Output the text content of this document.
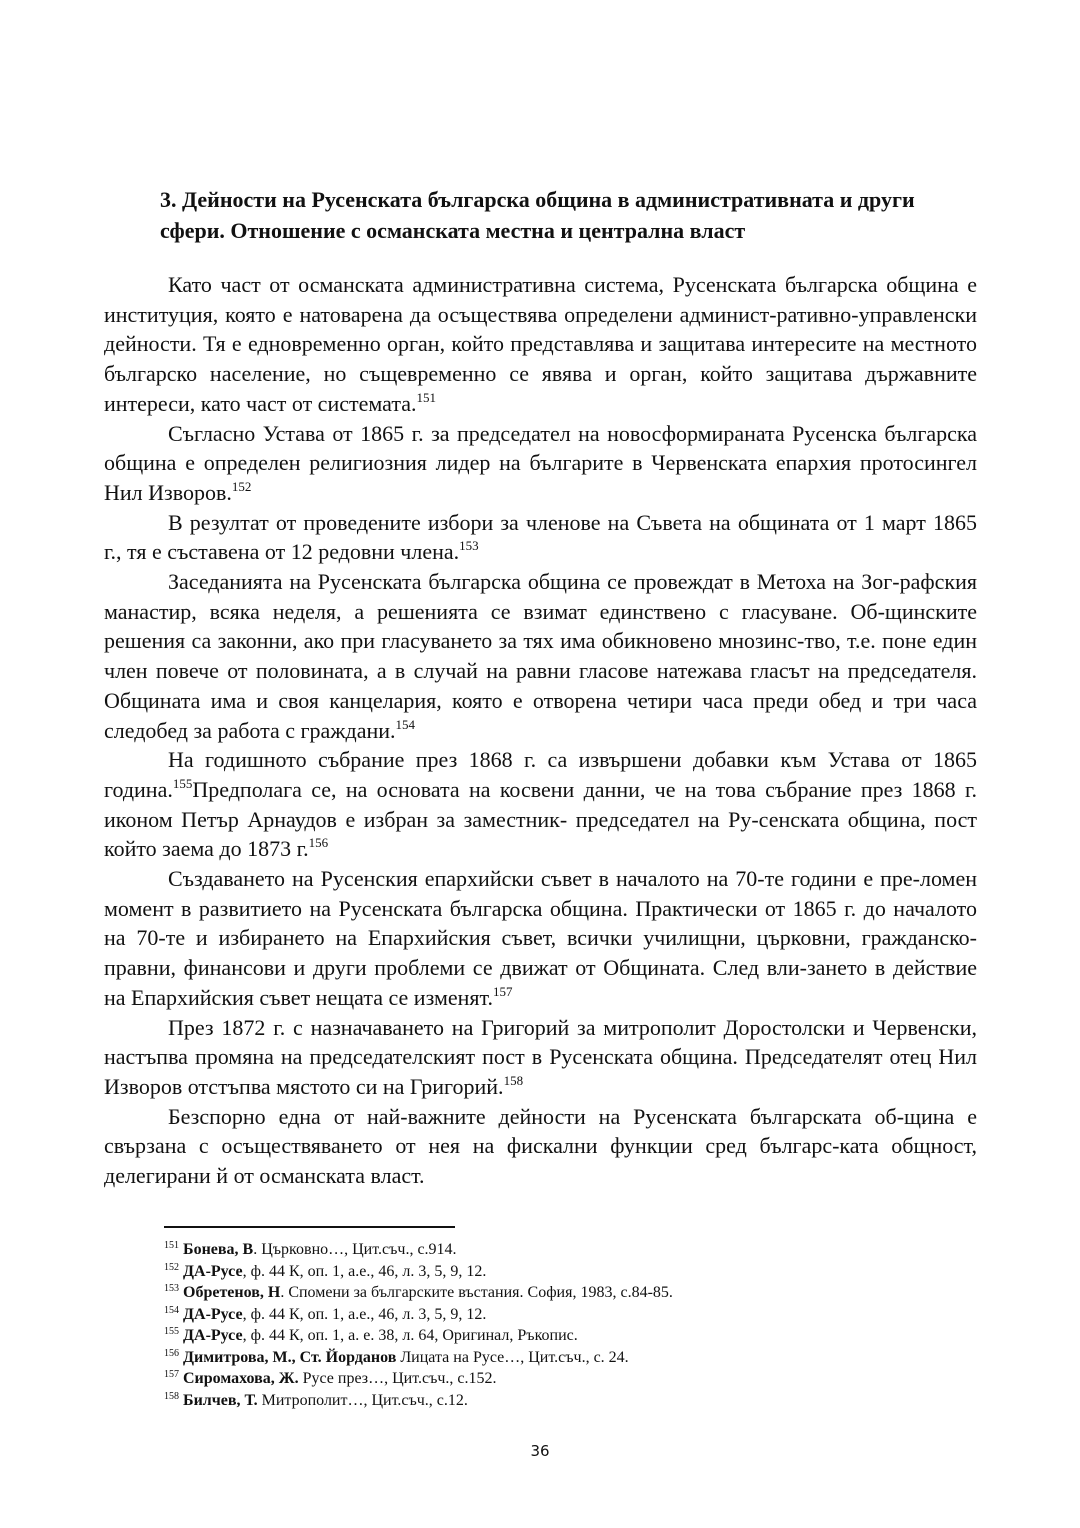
3. Дейности на Русенската българска община в административната и други сфери. Отношение с османската местна и централна власт

Като част от османската административна система, Русенската българска община е институция, която е натоварена да осъществява определени админист-ративно-управленски дейности. Тя е едновременно орган, който представлява и защитава интересите на местното българско население, но същевременно се явява и орган, който защитава държавните интереси, като част от системата.$^{151}$

Съгласно Устава от 1865 г. за председател на новосформираната Русенска българска община е определен религиозния лидер на българите в Червенската епархия протосингел Нил Изворов.$^{152}$

В резултат от проведените избори за членове на Съвета на общината от 1 март 1865 г., тя е съставена от 12 редовни члена.$^{153}$

Заседанията на Русенската българска община се провеждат в Метоха на Зог-рафския манастир, всяка неделя, а решенията се взимат единствено с гласуване. Об-щинските решения са законни, ако при гласуването за тях има обикновено мнозинс-тво, т.е. поне един член повече от половината, а в случай на равни гласове натежава гласът на председателя. Общината има и своя канцелария, която е отворена четири часа преди обед и три часа следобед за работа с граждани.$^{154}$

На годишното събрание през 1868 г. са извършени добавки към Устава от 1865 година.$^{155}$Предполага се, на основата на косвени данни, че на това събрание през 1868 г. иконом Петър Арнаудов е избран за заместник- председател на Ру-сенската община, пост който заема до 1873 г.$^{156}$

Създаването на Русенския епархийски съвет в началото на 70-те години е пре-ломен момент в развитието на Русенската българска община. Практически от 1865 г. до началото на 70-те и избирането на Епархийския съвет, всички училищни, църковни, гражданско-правни, финансови и други проблеми се движат от Общината. След вли-зането в действие на Епархийския съвет нещата се изменят.$^{157}$

През 1872 г. с назначаването на Григорий за митрополит Доростолски и Червенски, настъпва промяна на председателският пост в Русенската община. Председателят отец Нил Изворов отстъпва мястото си на Григорий.$^{158}$

Безспорно една от най-важните дейности на Русенската българската об-щина е свързана с осъществяването от нея на фискални функции сред българс-ката общност, делегирани й от османската власт.

$^{151}$ Бонева, В. Църковно…, Цит.съч., с.914.

$^{152}$ ДА-Русе, ф. 44 К, оп. 1, а.е., 46, л. 3, 5, 9, 12.

$^{153}$ Обретенов, Н. Спомени за българските въстания. София, 1983, с.84-85.

$^{154}$ ДА-Русе, ф. 44 К, оп. 1, а.е., 46, л. 3, 5, 9, 12.

$^{155}$ ДА-Русе, ф. 44 К, оп. 1, а. е. 38, л. 64, Оригинал, Ръкопис.

$^{156}$ Димитрова, М., Ст. Йорданов Лицата на Русе…, Цит.съч., с. 24.

$^{157}$ Сиромахова, Ж. Русе през…, Цит.съч., с.152.

$^{158}$ Билчев, Т. Митрополит…, Цит.съч., с.12.

36
